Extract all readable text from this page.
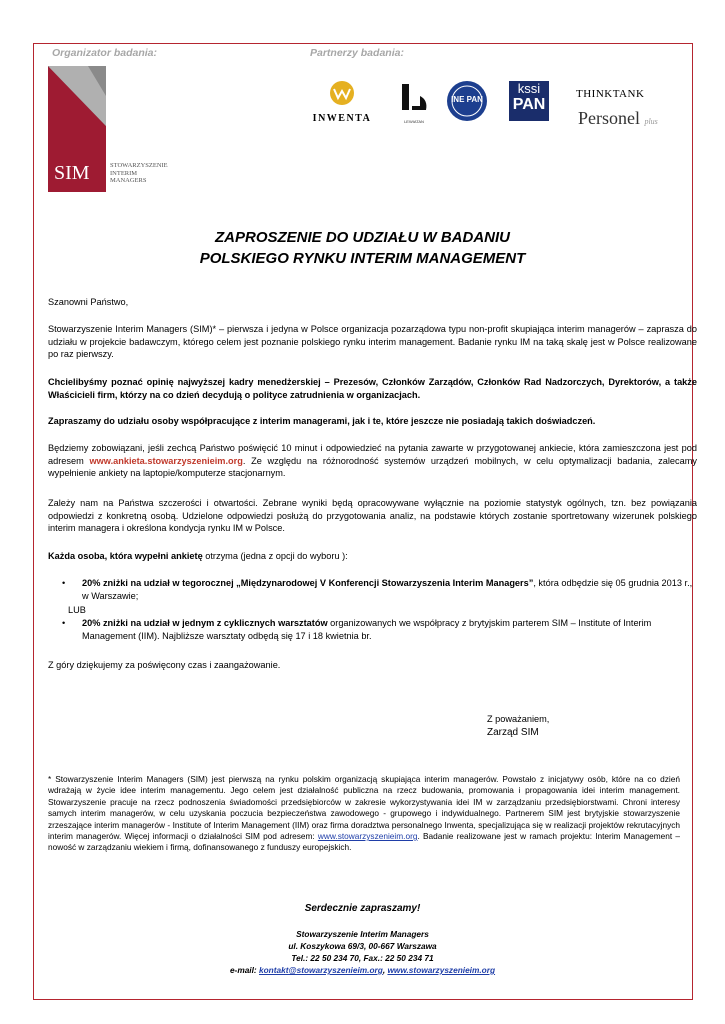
Organizator badania:	Partnerzy badania:
SIM	STOWARZYSZENIE
INTERIM
MANAGERS
INWENTA	LEWIATAN
INE PAN
kssi
PAN
THINKTANK
Personel plus
ZAPROSZENIE DO UDZIAŁU W BADANIU
POLSKIEGO RYNKU INTERIM MANAGEMENT
Szanowni Państwo,
Stowarzyszenie Interim Managers (SIM)* – pierwsza i jedyna w Polsce organizacja pozarządowa typu non-profit skupiająca interim managerów – zaprasza do udziału w projekcie badawczym, którego celem jest poznanie polskiego rynku interim management. Badanie rynku IM na taką skalę jest w Polsce realizowane po raz pierwszy.
Chcielibyśmy poznać opinię najwyższej kadry menedżerskiej – Prezesów, Członków Zarządów, Członków Rad Nadzorczych, Dyrektorów, a także Właścicieli firm, którzy na co dzień decydują o polityce zatrudnienia w organizacjach.
Zapraszamy do udziału osoby współpracujące z interim managerami, jak i te, które jeszcze nie posiadają takich doświadczeń.
Będziemy zobowiązani, jeśli zechcą Państwo poświęcić 10 minut i odpowiedzieć na pytania zawarte w przygotowanej ankiecie, która zamieszczona jest pod adresem www.ankieta.stowarzyszenieim.org. Ze względu na różnorodność systemów urządzeń mobilnych, w celu optymalizacji badania, zalecamy wypełnienie ankiety na laptopie/komputerze stacjonarnym.
Zależy nam na Państwa szczerości i otwartości. Zebrane wyniki będą opracowywane wyłącznie na poziomie statystyk ogólnych, tzn. bez powiązania odpowiedzi z konkretną osobą. Udzielone odpowiedzi posłużą do przygotowania analiz, na podstawie których zostanie sportretowany wizerunek polskiego interim managera i określona kondycja rynku IM w Polsce.
Każda osoba, która wypełni ankietę otrzyma (jedna z opcji do wyboru ):
• 20% zniżki na udział w tegorocznej „Międzynarodowej V Konferencji Stowarzyszenia Interim Managers”, która odbędzie się 05 grudnia 2013 r., w Warszawie;
LUB
• 20% zniżki na udział w jednym z cyklicznych warsztatów organizowanych we współpracy z brytyjskim parterem SIM – Institute of Interim Management (IIM). Najbliższe warsztaty odbędą się 17 i 18 kwietnia br.
Z góry dziękujemy za poświęcony czas i zaangażowanie.
Z poważaniem,
Zarząd SIM
* Stowarzyszenie Interim Managers (SIM) jest pierwszą na rynku polskim organizacją skupiająca interim managerów. Powstało z inicjatywy osób, które na co dzień wdrażają w życie idee interim managementu. Jego celem jest działalność publiczna na rzecz budowania, promowania i propagowania idei interim management. Stowarzyszenie pracuje na rzecz podnoszenia świadomości przedsiębiorców w zakresie wykorzystywania idei IM w zarządzaniu przedsiębiorstwami. Chroni interesy samych interim managerów, w celu uzyskania poczucia bezpieczeństwa zawodowego - grupowego i indywidualnego. Partnerem SIM jest brytyjskie stowarzyszenie zrzeszające interim managerów - Institute of Interim Management (IIM) oraz firma doradztwa personalnego Inwenta, specjalizująca się w realizacji projektów rekrutacyjnych interim managerów. Więcej informacji o działalności SIM pod adresem: www.stowarzyszenieim.org. Badanie realizowane jest w ramach projektu: Interim Management – nowość w zarządzaniu wiekiem i firmą, dofinansowanego z funduszy europejskich.
Serdecznie zapraszamy!
Stowarzyszenie Interim Managers
ul. Koszykowa 69/3, 00-667 Warszawa
Tel.: 22 50 234 70, Fax.: 22 50 234 71
e-mail: kontakt@stowarzyszenieim.org, www.stowarzyszenieim.org
